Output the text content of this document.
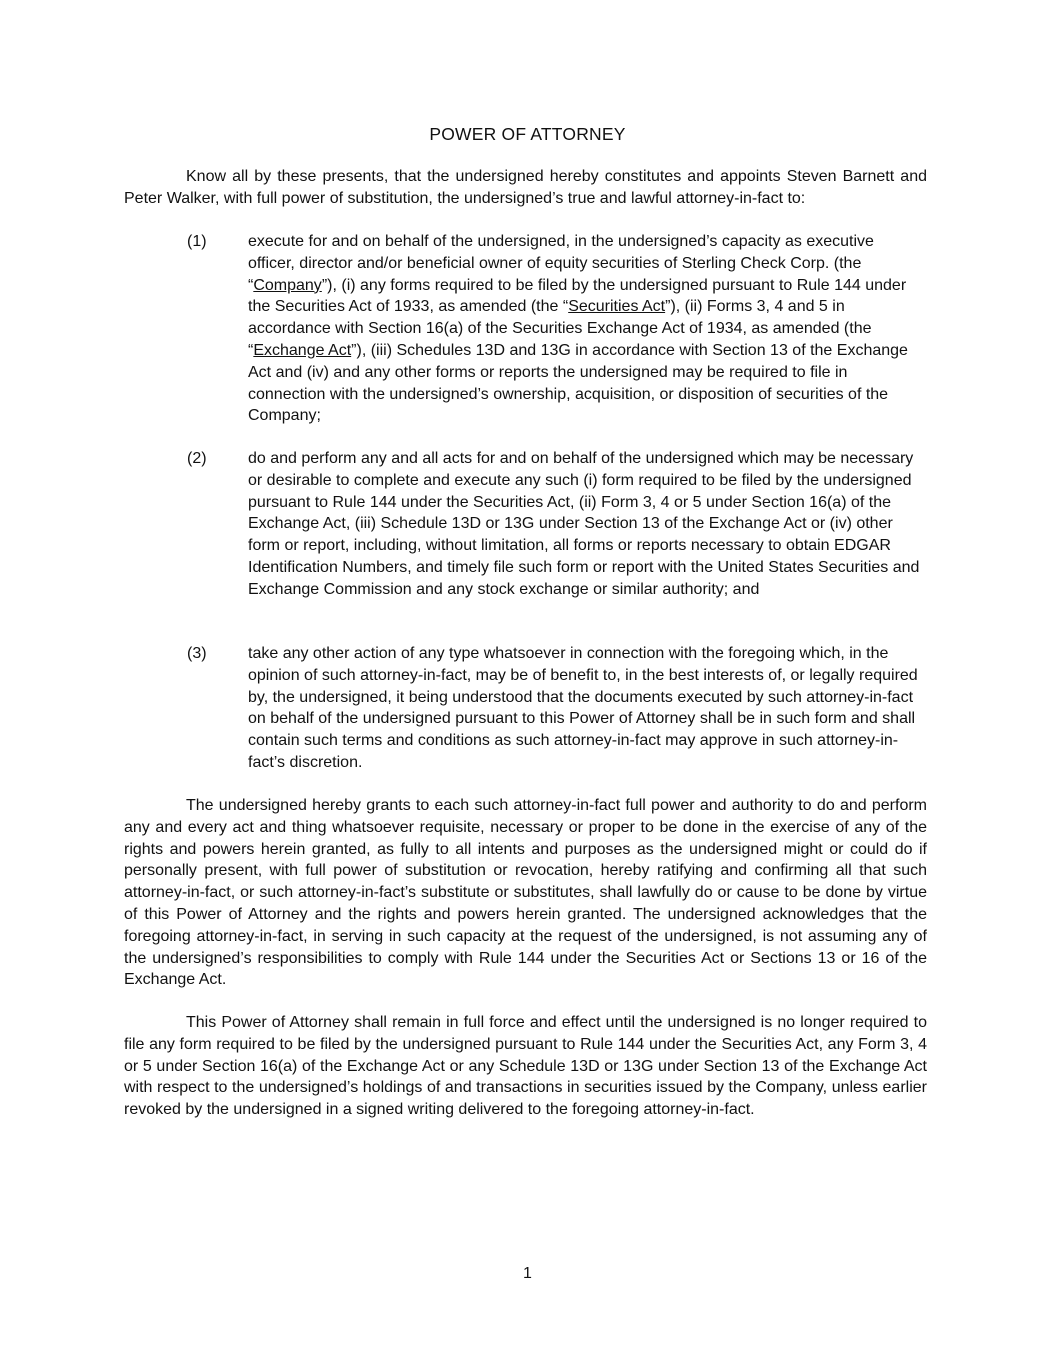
POWER OF ATTORNEY

Know all by these presents, that the undersigned hereby constitutes and appoints Steven Barnett and Peter Walker, with full power of substitution, the undersigned’s true and lawful attorney-in-fact to:

(1)	execute for and on behalf of the undersigned, in the undersigned’s capacity as executive officer, director and/or beneficial owner of equity securities of Sterling Check Corp. (the “Company”), (i) any forms required to be filed by the undersigned pursuant to Rule 144 under the Securities Act of 1933, as amended (the “Securities Act”), (ii) Forms 3, 4 and 5 in accordance with Section 16(a) of the Securities Exchange Act of 1934, as amended (the “Exchange Act”), (iii) Schedules 13D and 13G in accordance with Section 13 of the Exchange Act and (iv) and any other forms or reports the undersigned may be required to file in connection with the undersigned’s ownership, acquisition, or disposition of securities of the Company;
(2)	do and perform any and all acts for and on behalf of the undersigned which may be necessary or desirable to complete and execute any such (i) form required to be filed by the undersigned pursuant to Rule 144 under the Securities Act, (ii) Form 3, 4 or 5 under Section 16(a) of the Exchange Act, (iii) Schedule 13D or 13G under Section 13 of the Exchange Act or (iv) other form or report, including, without limitation, all forms or reports necessary to obtain EDGAR Identification Numbers, and timely file such form or report with the United States Securities and Exchange Commission and any stock exchange or similar authority; and
(3)	take any other action of any type whatsoever in connection with the foregoing which, in the opinion of such attorney-in-fact, may be of benefit to, in the best interests of, or legally required by, the undersigned, it being understood that the documents executed by such attorney-in-fact on behalf of the undersigned pursuant to this Power of Attorney shall be in such form and shall contain such terms and conditions as such attorney-in-fact may approve in such attorney-in-fact’s discretion.

The undersigned hereby grants to each such attorney-in-fact full power and authority to do and perform any and every act and thing whatsoever requisite, necessary or proper to be done in the exercise of any of the rights and powers herein granted, as fully to all intents and purposes as the undersigned might or could do if personally present, with full power of substitution or revocation, hereby ratifying and confirming all that such attorney-in-fact, or such attorney-in-fact’s substitute or substitutes, shall lawfully do or cause to be done by virtue of this Power of Attorney and the rights and powers herein granted. The undersigned acknowledges that the foregoing attorney-in-fact, in serving in such capacity at the request of the undersigned, is not assuming any of the undersigned’s responsibilities to comply with Rule 144 under the Securities Act or Sections 13 or 16 of the Exchange Act.

This Power of Attorney shall remain in full force and effect until the undersigned is no longer required to file any form required to be filed by the undersigned pursuant to Rule 144 under the Securities Act, any Form 3, 4 or 5 under Section 16(a) of the Exchange Act or any Schedule 13D or 13G under Section 13 of the Exchange Act with respect to the undersigned’s holdings of and transactions in securities issued by the Company, unless earlier revoked by the undersigned in a signed writing delivered to the foregoing attorney-in-fact.

1
